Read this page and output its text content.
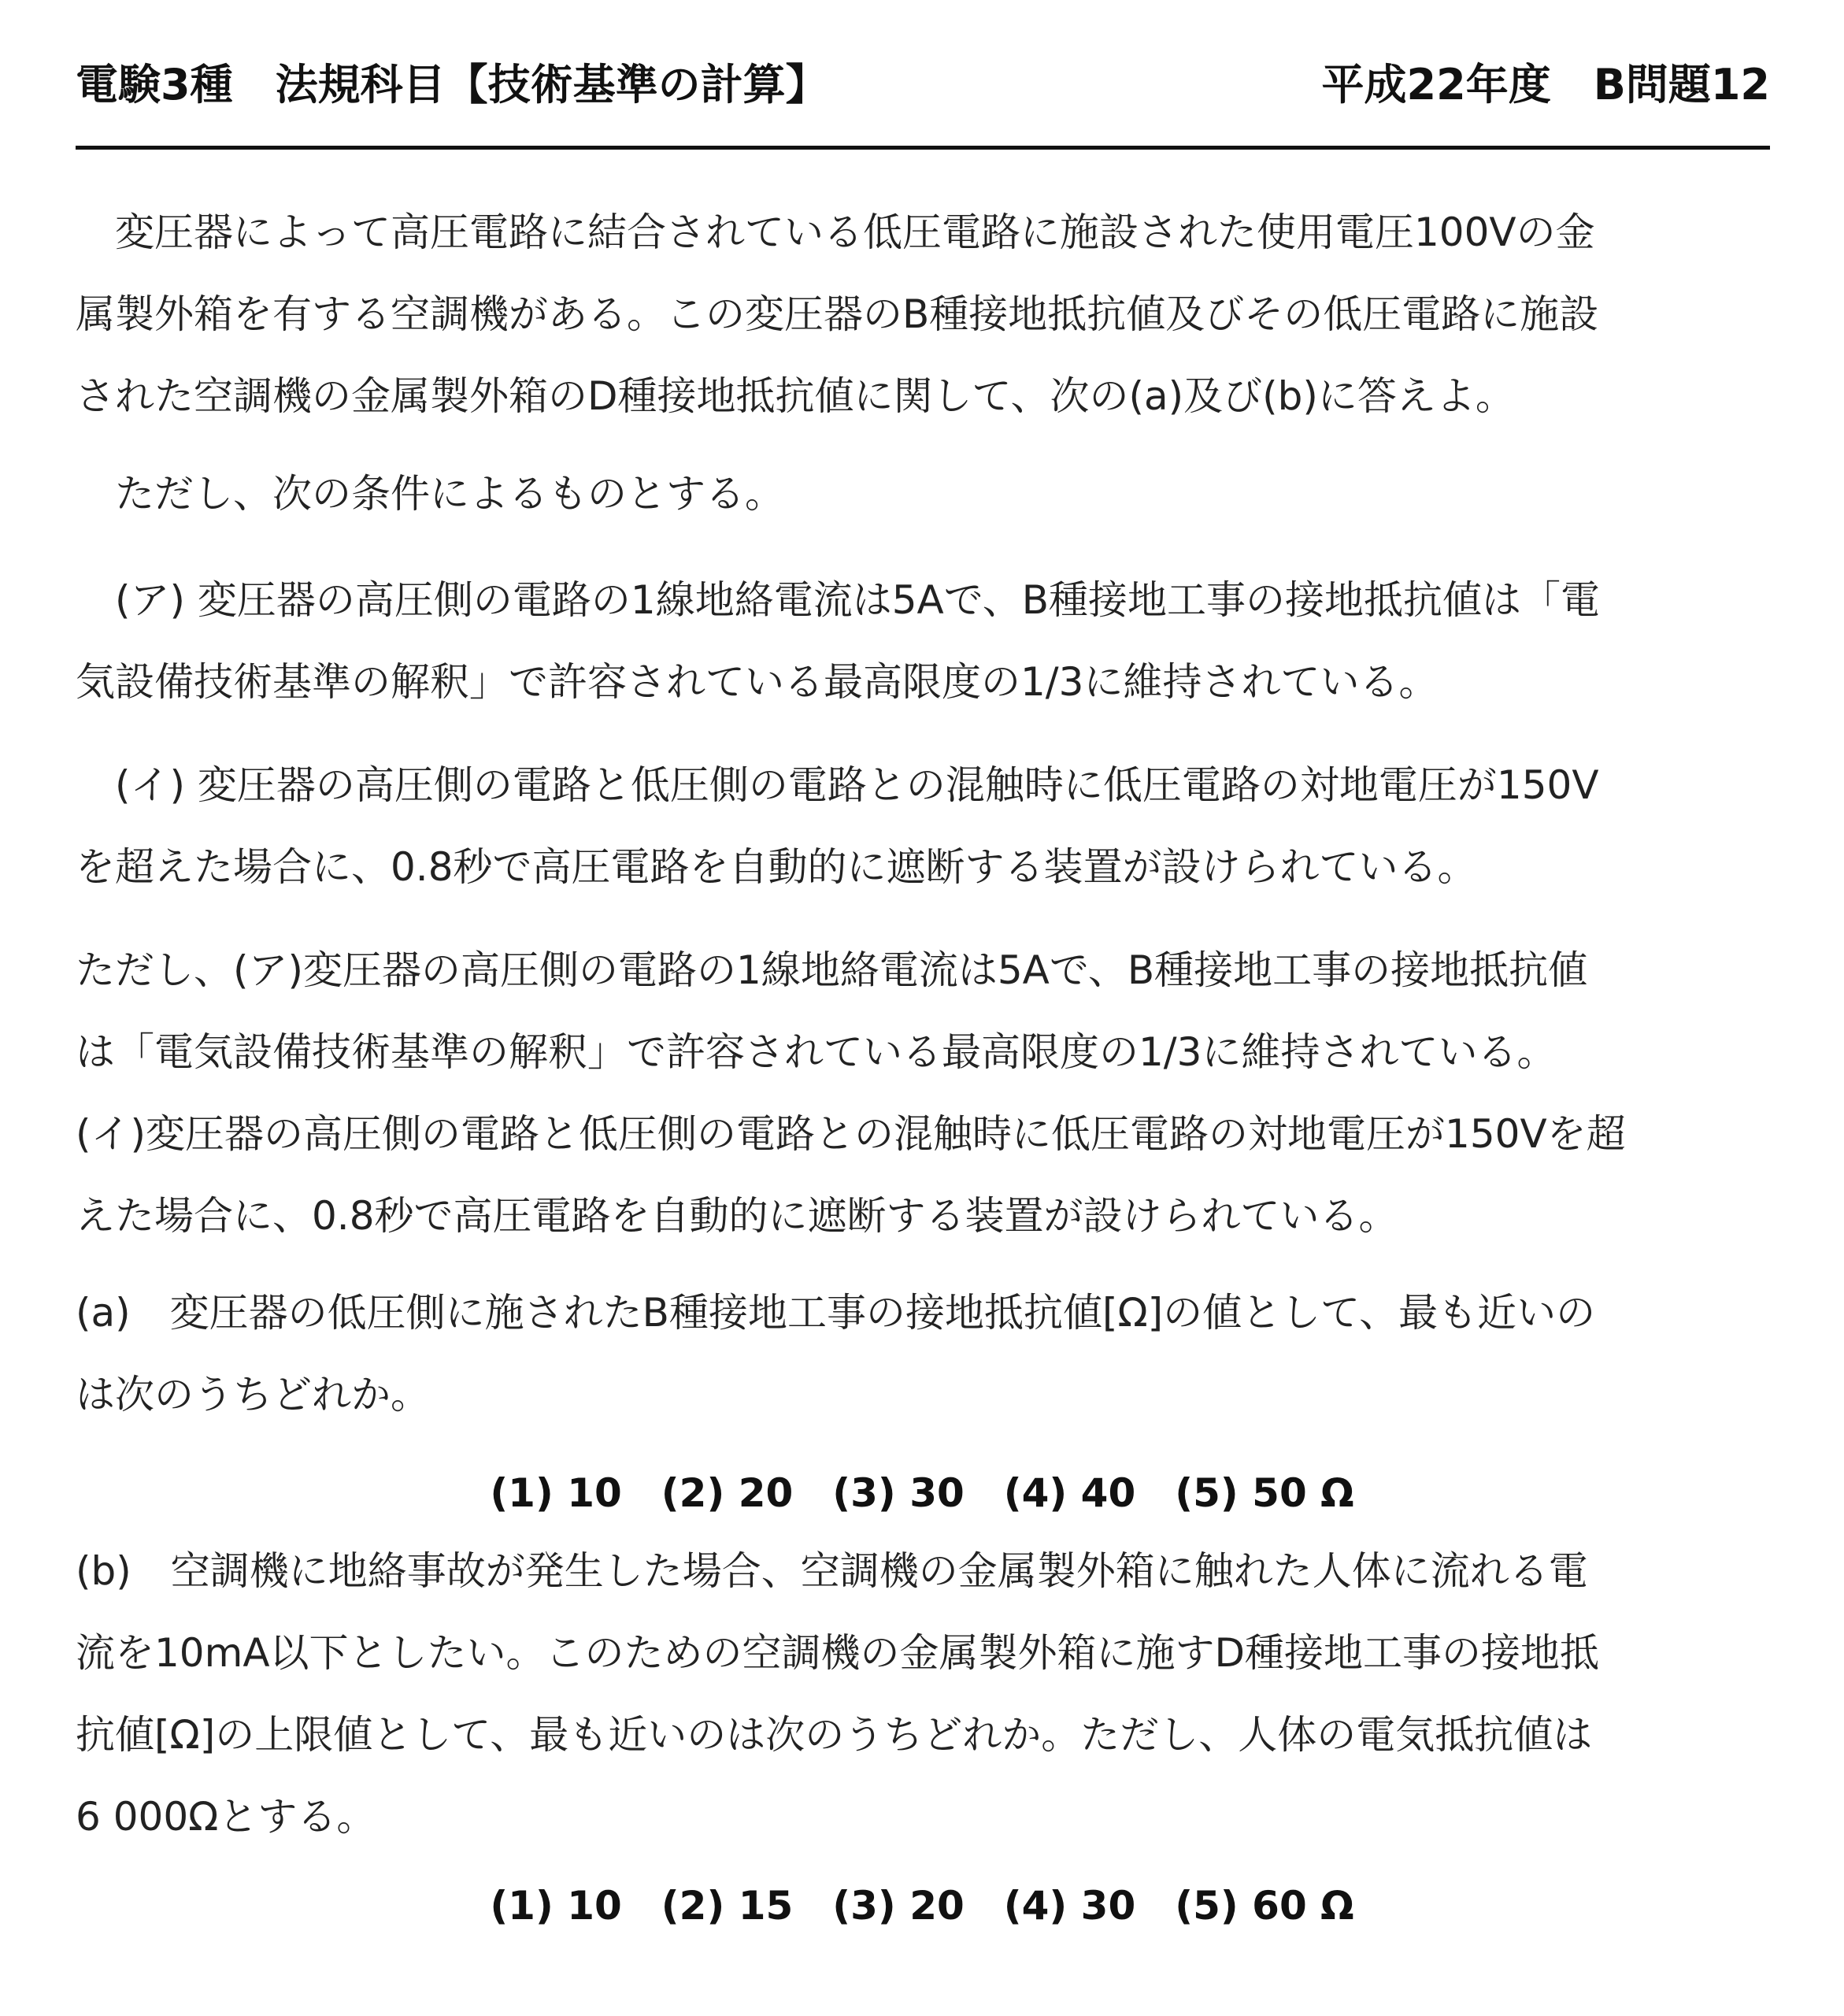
電験3種　法規科目【技術基準の計算】	平成22年度　B問題12
　変圧器によって高圧電路に結合されている低圧電路に施設された使用電圧100Vの金
属製外箱を有する空調機がある。この変圧器のB種接地抵抗値及びその低圧電路に施設
された空調機の金属製外箱のD種接地抵抗値に関して、次の(a)及び(b)に答えよ。
　ただし、次の条件によるものとする。
　(ア) 変圧器の高圧側の電路の1線地絡電流は5Aで、B種接地工事の接地抵抗値は「電
気設備技術基準の解釈」で許容されている最高限度の1/3に維持されている。
　(イ) 変圧器の高圧側の電路と低圧側の電路との混触時に低圧電路の対地電圧が150V
を超えた場合に、0.8秒で高圧電路を自動的に遮断する装置が設けられている。
ただし、(ア)変圧器の高圧側の電路の1線地絡電流は5Aで、B種接地工事の接地抵抗値
は「電気設備技術基準の解釈」で許容されている最高限度の1/3に維持されている。
(イ)変圧器の高圧側の電路と低圧側の電路との混触時に低圧電路の対地電圧が150Vを超
えた場合に、0.8秒で高圧電路を自動的に遮断する装置が設けられている。
(a)　変圧器の低圧側に施されたB種接地工事の接地抵抗値[Ω]の値として、最も近いの
は次のうちどれか。
(1) 10　(2) 20　(3) 30　(4) 40　(5) 50 Ω
(b)　空調機に地絡事故が発生した場合、空調機の金属製外箱に触れた人体に流れる電
流を10mA以下としたい。このための空調機の金属製外箱に施すD種接地工事の接地抵
抗値[Ω]の上限値として、最も近いのは次のうちどれか。ただし、人体の電気抵抗値は
6 000Ωとする。
(1) 10　(2) 15　(3) 20　(4) 30　(5) 60 Ω
